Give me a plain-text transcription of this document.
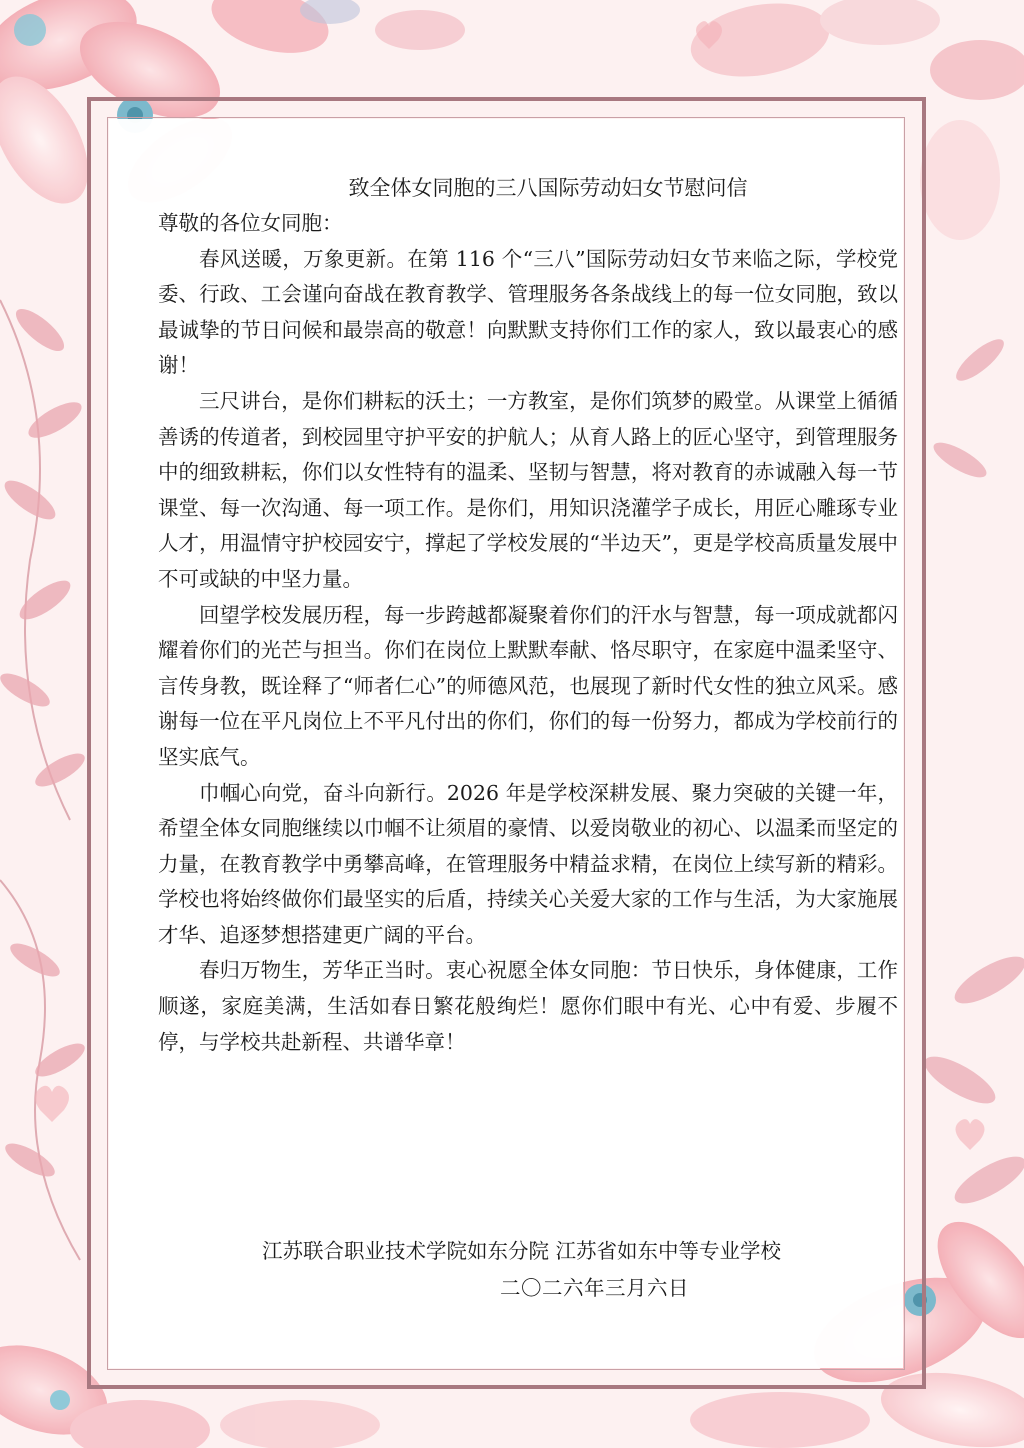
致全体女同胞的三八国际劳动妇女节慰问信

尊敬的各位女同胞：

春风送暖，万象更新。在第 116 个“三八”国际劳动妇女节来临之际，学校党委、行政、工会谨向奋战在教育教学、管理服务各条战线上的每一位女同胞，致以最诚挚的节日问候和最崇高的敬意！向默默支持你们工作的家人，致以最衷心的感谢！

三尺讲台，是你们耕耘的沃土；一方教室，是你们筑梦的殿堂。从课堂上循循善诱的传道者，到校园里守护平安的护航人；从育人路上的匠心坚守，到管理服务中的细致耕耘，你们以女性特有的温柔、坚韧与智慧，将对教育的赤诚融入每一节课堂、每一次沟通、每一项工作。是你们，用知识浇灌学子成长，用匠心雕琢专业人才，用温情守护校园安宁，撑起了学校发展的“半边天”，更是学校高质量发展中不可或缺的中坚力量。

回望学校发展历程，每一步跨越都凝聚着你们的汗水与智慧，每一项成就都闪耀着你们的光芒与担当。你们在岗位上默默奉献、恪尽职守，在家庭中温柔坚守、言传身教，既诠释了“师者仁心”的师德风范，也展现了新时代女性的独立风采。感谢每一位在平凡岗位上不平凡付出的你们，你们的每一份努力，都成为学校前行的坚实底气。

巾帼心向党，奋斗向新行。2026 年是学校深耕发展、聚力突破的关键一年，希望全体女同胞继续以巾帼不让须眉的豪情、以爱岗敬业的初心、以温柔而坚定的力量，在教育教学中勇攀高峰，在管理服务中精益求精，在岗位上续写新的精彩。学校也将始终做你们最坚实的后盾，持续关心关爱大家的工作与生活，为大家施展才华、追逐梦想搭建更广阔的平台。

春归万物生，芳华正当时。衷心祝愿全体女同胞：节日快乐，身体健康，工作顺遂，家庭美满，生活如春日繁花般绚烂！愿你们眼中有光、心中有爱、步履不停，与学校共赴新程、共谱华章！

江苏联合职业技术学院如东分院 江苏省如东中等专业学校
二〇二六年三月六日
